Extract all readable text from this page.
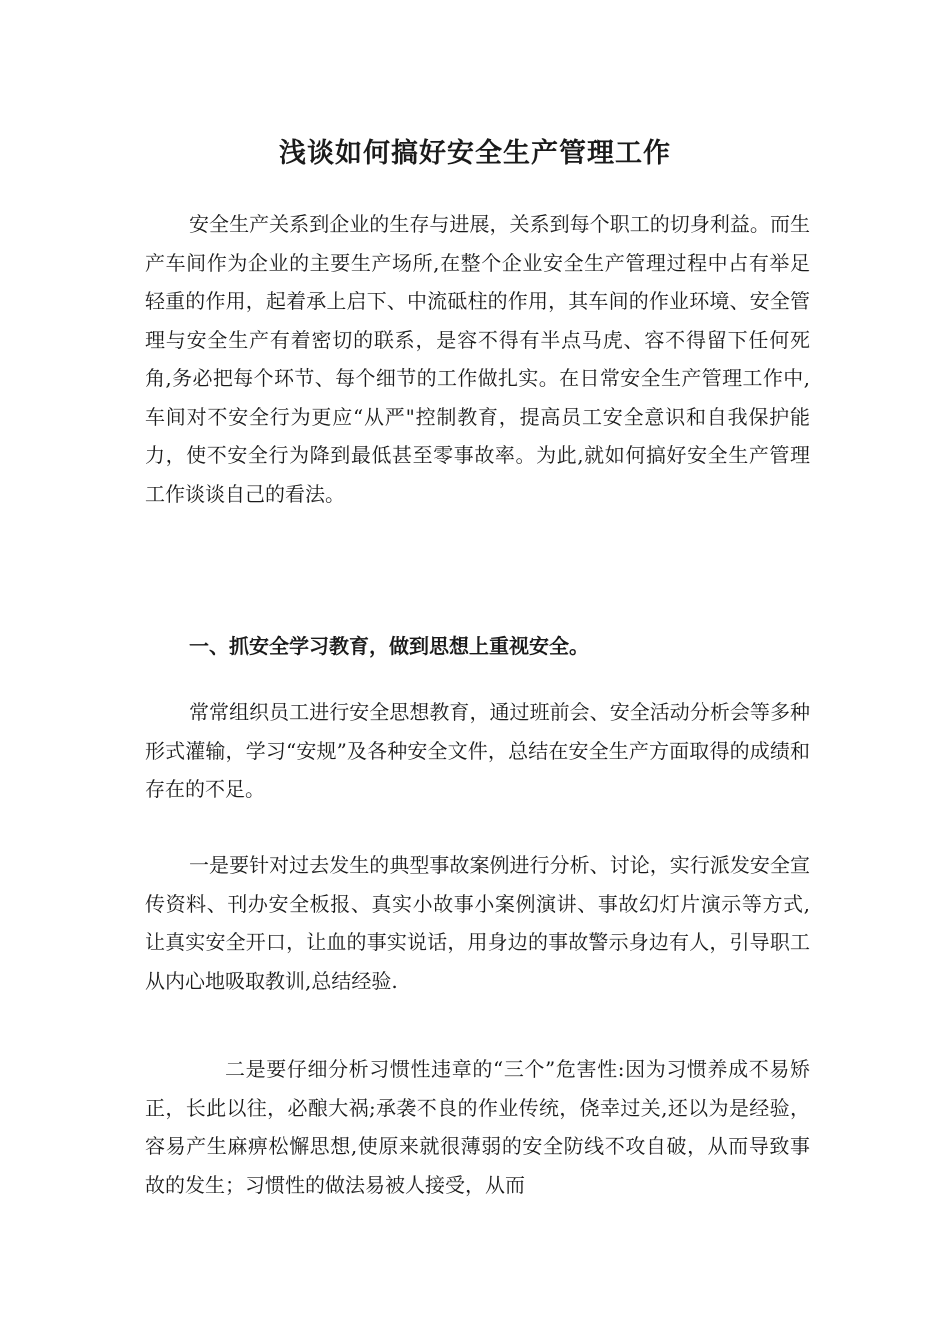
浅谈如何搞好安全生产管理工作

安全生产关系到企业的生存与进展，关系到每个职工的切身利益。而生产车间作为企业的主要生产场所,在整个企业安全生产管理过程中占有举足轻重的作用，起着承上启下、中流砥柱的作用，其车间的作业环境、安全管理与安全生产有着密切的联系，是容不得有半点马虎、容不得留下任何死角,务必把每个环节、每个细节的工作做扎实。在日常安全生产管理工作中,车间对不安全行为更应“从严"控制教育，提高员工安全意识和自我保护能力，使不安全行为降到最低甚至零事故率。为此,就如何搞好安全生产管理工作谈谈自己的看法。

一、抓安全学习教育，做到思想上重视安全。

常常组织员工进行安全思想教育，通过班前会、安全活动分析会等多种形式灌输，学习“安规”及各种安全文件，总结在安全生产方面取得的成绩和存在的不足。

一是要针对过去发生的典型事故案例进行分析、讨论，实行派发安全宣传资料、刊办安全板报、真实小故事小案例演讲、事故幻灯片演示等方式,让真实安全开口，让血的事实说话，用身边的事故警示身边有人，引导职工从内心地吸取教训,总结经验.

二是要仔细分析习惯性违章的“三个”危害性:因为习惯养成不易矫正，长此以往，必酿大祸;承袭不良的作业传统，侥幸过关,还以为是经验，容易产生麻痹松懈思想,使原来就很薄弱的安全防线不攻自破，从而导致事故的发生；习惯性的做法易被人接受，从而
